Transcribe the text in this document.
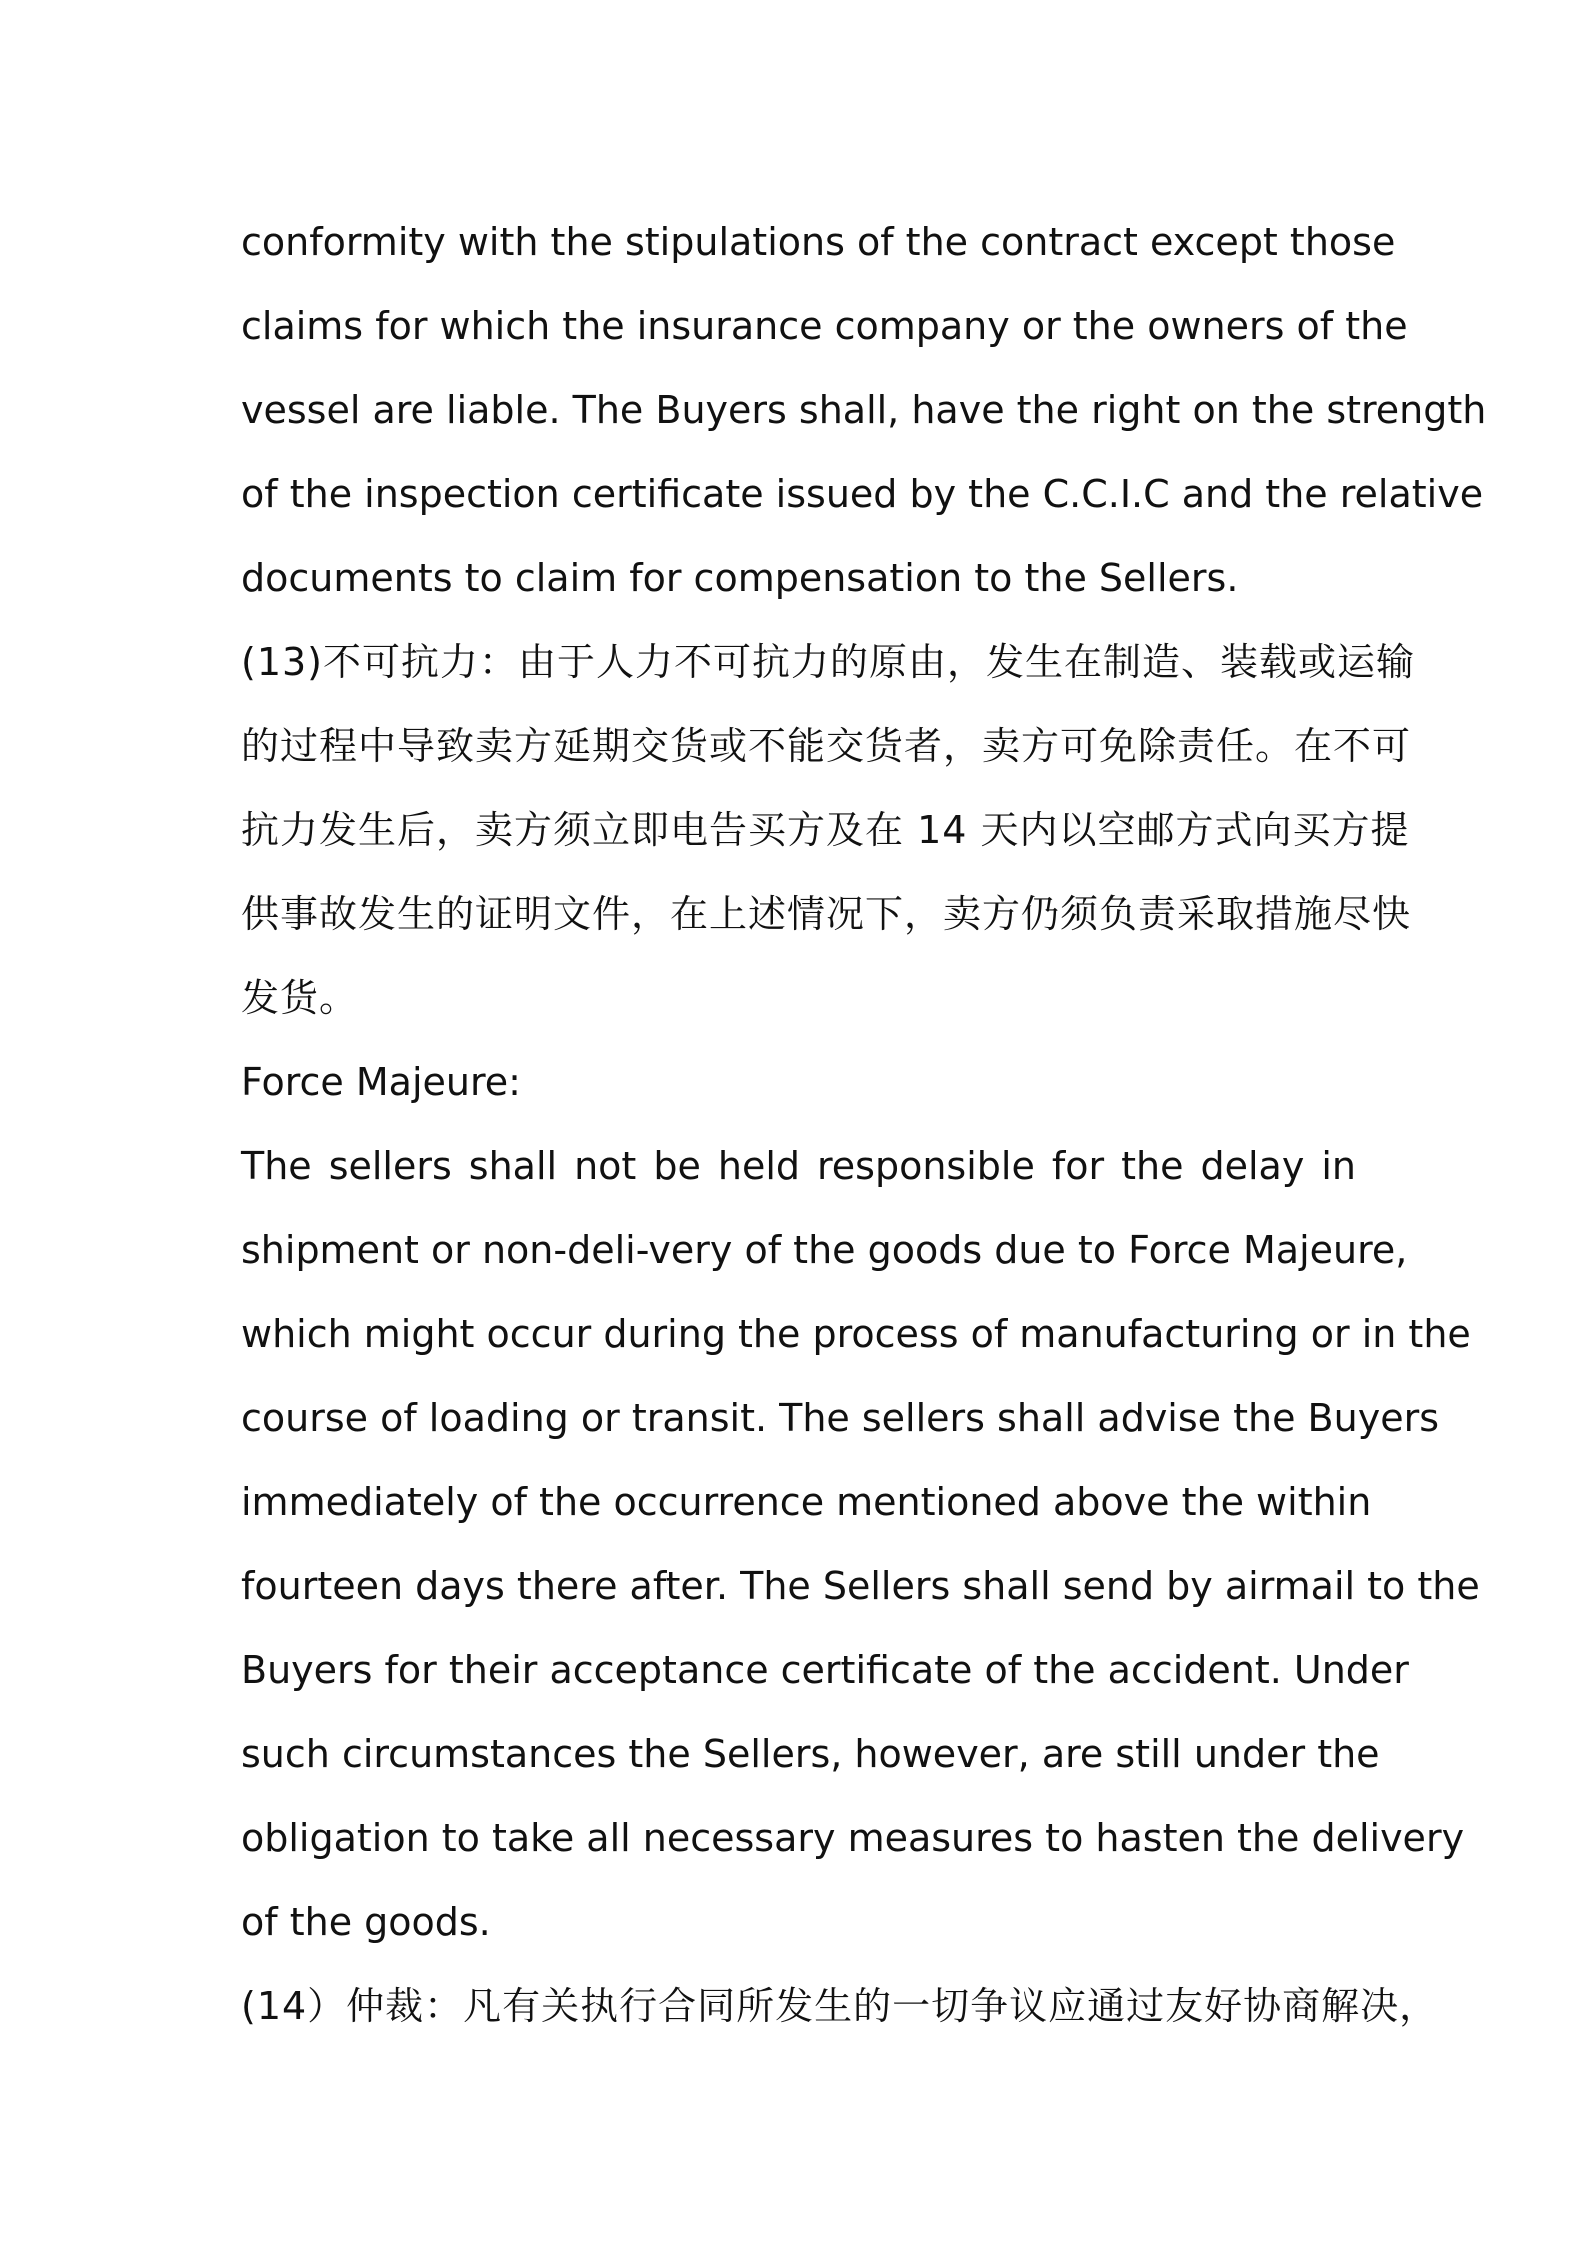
conformity with the stipulations of the contract except those
claims for which the insurance company or the owners of the
vessel are liable. The Buyers shall, have the right on the strength
of the inspection certificate issued by the C.C.I.C and the relative
documents to claim for compensation to the Sellers.
(13)不可抗力：由于人力不可抗力的原由，发生在制造、装载或运输
的过程中导致卖方延期交货或不能交货者，卖方可免除责任。在不可
抗力发生后，卖方须立即电告买方及在 14 天内以空邮方式向买方提
供事故发生的证明文件，在上述情况下，卖方仍须负责采取措施尽快
发货。
Force Majeure:
The sellers shall not be held responsible for the delay in
shipment or non-deli-very of the goods due to Force Majeure,
which might occur during the process of manufacturing or in the
course of loading or transit. The sellers shall advise the Buyers
immediately of the occurrence mentioned above the within
fourteen days there after. The Sellers shall send by airmail to the
Buyers for their acceptance certificate of the accident. Under
such circumstances the Sellers, however, are still under the
obligation to take all necessary measures to hasten the delivery
of the goods.
(14）仲裁：凡有关执行合同所发生的一切争议应通过友好协商解决，
